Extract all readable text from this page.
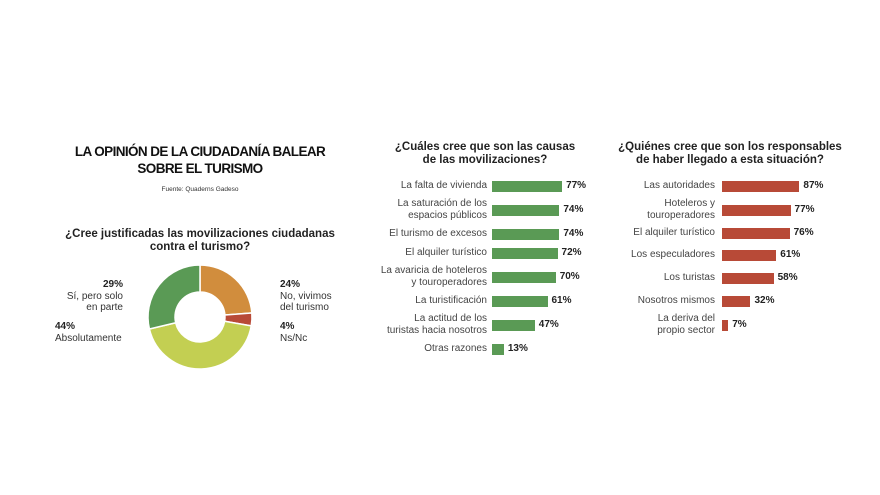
LA OPINIÓN DE LA CIUDADANÍA BALEAR
SOBRE EL TURISMO
Fuente: Quaderns Gadeso
¿Cree justificadas las movilizaciones ciudadanas
contra el turismo?
29%
Sí, pero solo
en parte
44%
Absolutamente
24%
No, vivimos
del turismo
4%
Ns/Nc
¿Cuáles cree que son las causas
de las movilizaciones?
¿Quiénes cree que son los responsables
de haber llegado a esta situación?
La falta de vivienda	77%
La saturación de los
espacios públicos	74%
El turismo de excesos	74%
El alquiler turístico	72%
La avaricia de hoteleros
y touroperadores	70%
La turistificación	61%
La actitud de los
turistas hacia nosotros	47%
Otras razones 13%
Las autoridades	87%
Hoteleros y
touroperadores	77%
El alquiler turístico	76%
Los especuladores	61%
Los turistas	58%
Nosotros mismos	32%
La deriva del
propio sector 7%
